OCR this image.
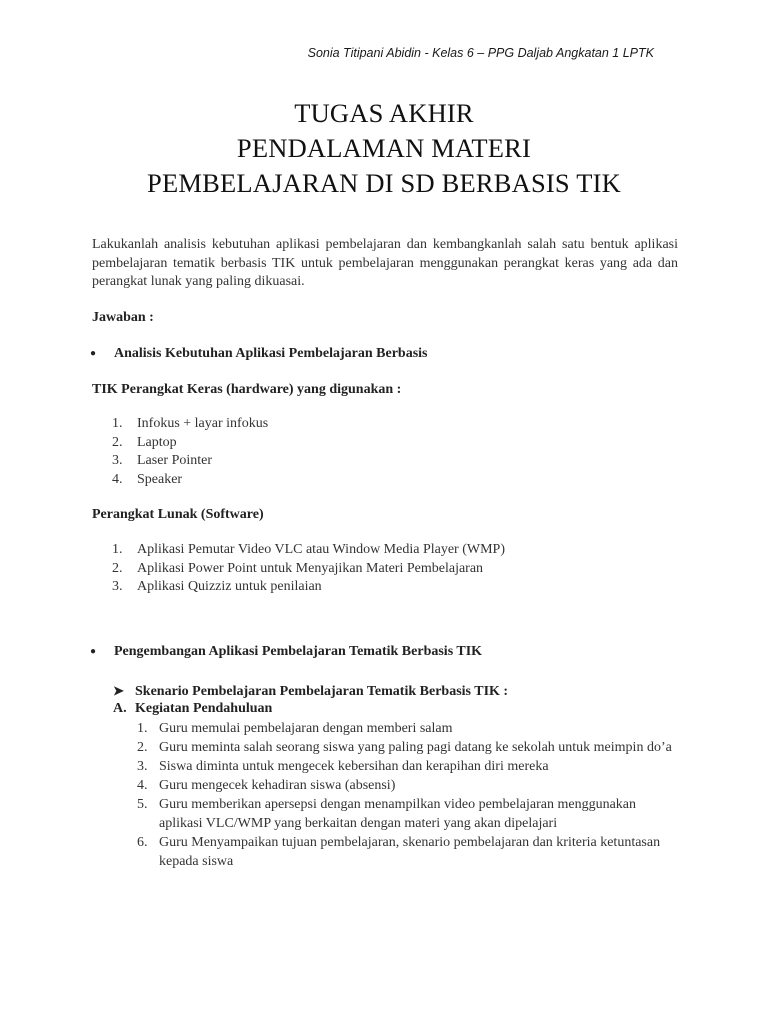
Sonia Titipani Abidin - Kelas 6 – PPG Daljab Angkatan 1 LPTK
TUGAS AKHIR
PENDALAMAN MATERI
PEMBELAJARAN DI SD BERBASIS TIK
Lakukanlah analisis kebutuhan aplikasi pembelajaran dan kembangkanlah salah satu bentuk aplikasi pembelajaran tematik berbasis TIK untuk pembelajaran menggunakan perangkat keras yang ada dan perangkat lunak yang paling dikuasai.
Jawaban :
●	Analisis Kebutuhan Aplikasi Pembelajaran Berbasis
TIK Perangkat Keras (hardware) yang digunakan :
1. Infokus + layar infokus
2. Laptop
3. Laser Pointer
4. Speaker
Perangkat Lunak (Software)
1. Aplikasi Pemutar Video VLC atau Window Media Player (WMP)
2. Aplikasi Power Point untuk Menyajikan Materi Pembelajaran
3. Aplikasi Quizziz untuk penilaian
●	Pengembangan Aplikasi Pembelajaran Tematik Berbasis TIK
➤ Skenario Pembelajaran Pembelajaran Tematik Berbasis TIK :
A. Kegiatan Pendahuluan
1. Guru memulai pembelajaran dengan memberi salam
2. Guru meminta salah seorang siswa yang paling pagi datang ke sekolah untuk meimpin do’a
3. Siswa diminta untuk mengecek kebersihan dan kerapihan diri mereka
4. Guru mengecek kehadiran siswa (absensi)
5. Guru memberikan apersepsi dengan menampilkan video pembelajaran menggunakan aplikasi VLC/WMP yang berkaitan dengan materi yang akan dipelajari
6. Guru Menyampaikan tujuan pembelajaran, skenario pembelajaran dan kriteria ketuntasan kepada siswa
